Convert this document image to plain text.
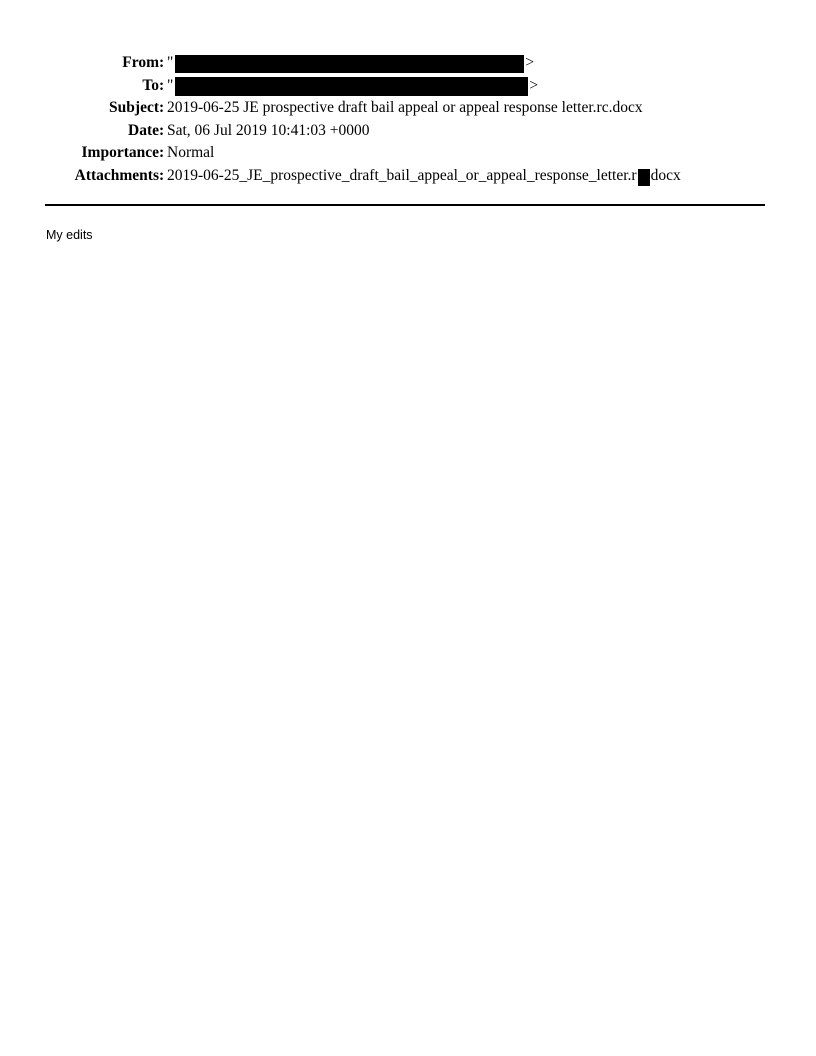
From : "	>
To : "	>
Subject : 2019-06-25 JE prospective draft bail appeal or appeal response letter.rc.docx
Date : Sat, 06 Jul 2019 10:41:03 +0000
Importance : Normal
Attachments : 2019-06-25_JE_prospective_draft_bail_appeal_or_appeal_response_letter.r docx
My edits
